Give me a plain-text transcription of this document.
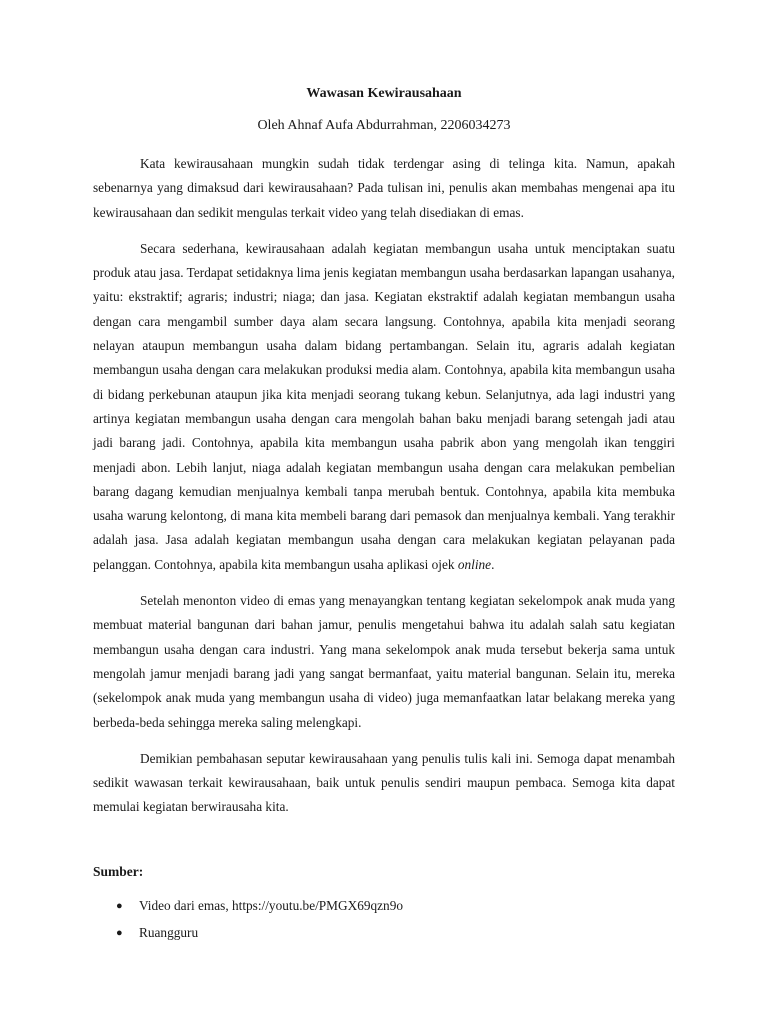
Wawasan Kewirausahaan
Oleh Ahnaf Aufa Abdurrahman, 2206034273

Kata kewirausahaan mungkin sudah tidak terdengar asing di telinga kita. Namun, apakah sebenarnya yang dimaksud dari kewirausahaan? Pada tulisan ini, penulis akan membahas mengenai apa itu kewirausahaan dan sedikit mengulas terkait video yang telah disediakan di emas.

Secara sederhana, kewirausahaan adalah kegiatan membangun usaha untuk menciptakan suatu produk atau jasa. Terdapat setidaknya lima jenis kegiatan membangun usaha berdasarkan lapangan usahanya, yaitu: ekstraktif; agraris; industri; niaga; dan jasa. Kegiatan ekstraktif adalah kegiatan membangun usaha dengan cara mengambil sumber daya alam secara langsung. Contohnya, apabila kita menjadi seorang nelayan ataupun membangun usaha dalam bidang pertambangan. Selain itu, agraris adalah kegiatan membangun usaha dengan cara melakukan produksi media alam. Contohnya, apabila kita membangun usaha di bidang perkebunan ataupun jika kita menjadi seorang tukang kebun. Selanjutnya, ada lagi industri yang artinya kegiatan membangun usaha dengan cara mengolah bahan baku menjadi barang setengah jadi atau jadi barang jadi. Contohnya, apabila kita membangun usaha pabrik abon yang mengolah ikan tenggiri menjadi abon. Lebih lanjut, niaga adalah kegiatan membangun usaha dengan cara melakukan pembelian barang dagang kemudian menjualnya kembali tanpa merubah bentuk. Contohnya, apabila kita membuka usaha warung kelontong, di mana kita membeli barang dari pemasok dan menjualnya kembali. Yang terakhir adalah jasa. Jasa adalah kegiatan membangun usaha dengan cara melakukan kegiatan pelayanan pada pelanggan. Contohnya, apabila kita membangun usaha aplikasi ojek online.

Setelah menonton video di emas yang menayangkan tentang kegiatan sekelompok anak muda yang membuat material bangunan dari bahan jamur, penulis mengetahui bahwa itu adalah salah satu kegiatan membangun usaha dengan cara industri. Yang mana sekelompok anak muda tersebut bekerja sama untuk mengolah jamur menjadi barang jadi yang sangat bermanfaat, yaitu material bangunan. Selain itu, mereka (sekelompok anak muda yang membangun usaha di video) juga memanfaatkan latar belakang mereka yang berbeda-beda sehingga mereka saling melengkapi.

Demikian pembahasan seputar kewirausahaan yang penulis tulis kali ini. Semoga dapat menambah sedikit wawasan terkait kewirausahaan, baik untuk penulis sendiri maupun pembaca. Semoga kita dapat memulai kegiatan berwirausaha kita.

Sumber:
● Video dari emas, https://youtu.be/PMGX69qzn9o
● Ruangguru
